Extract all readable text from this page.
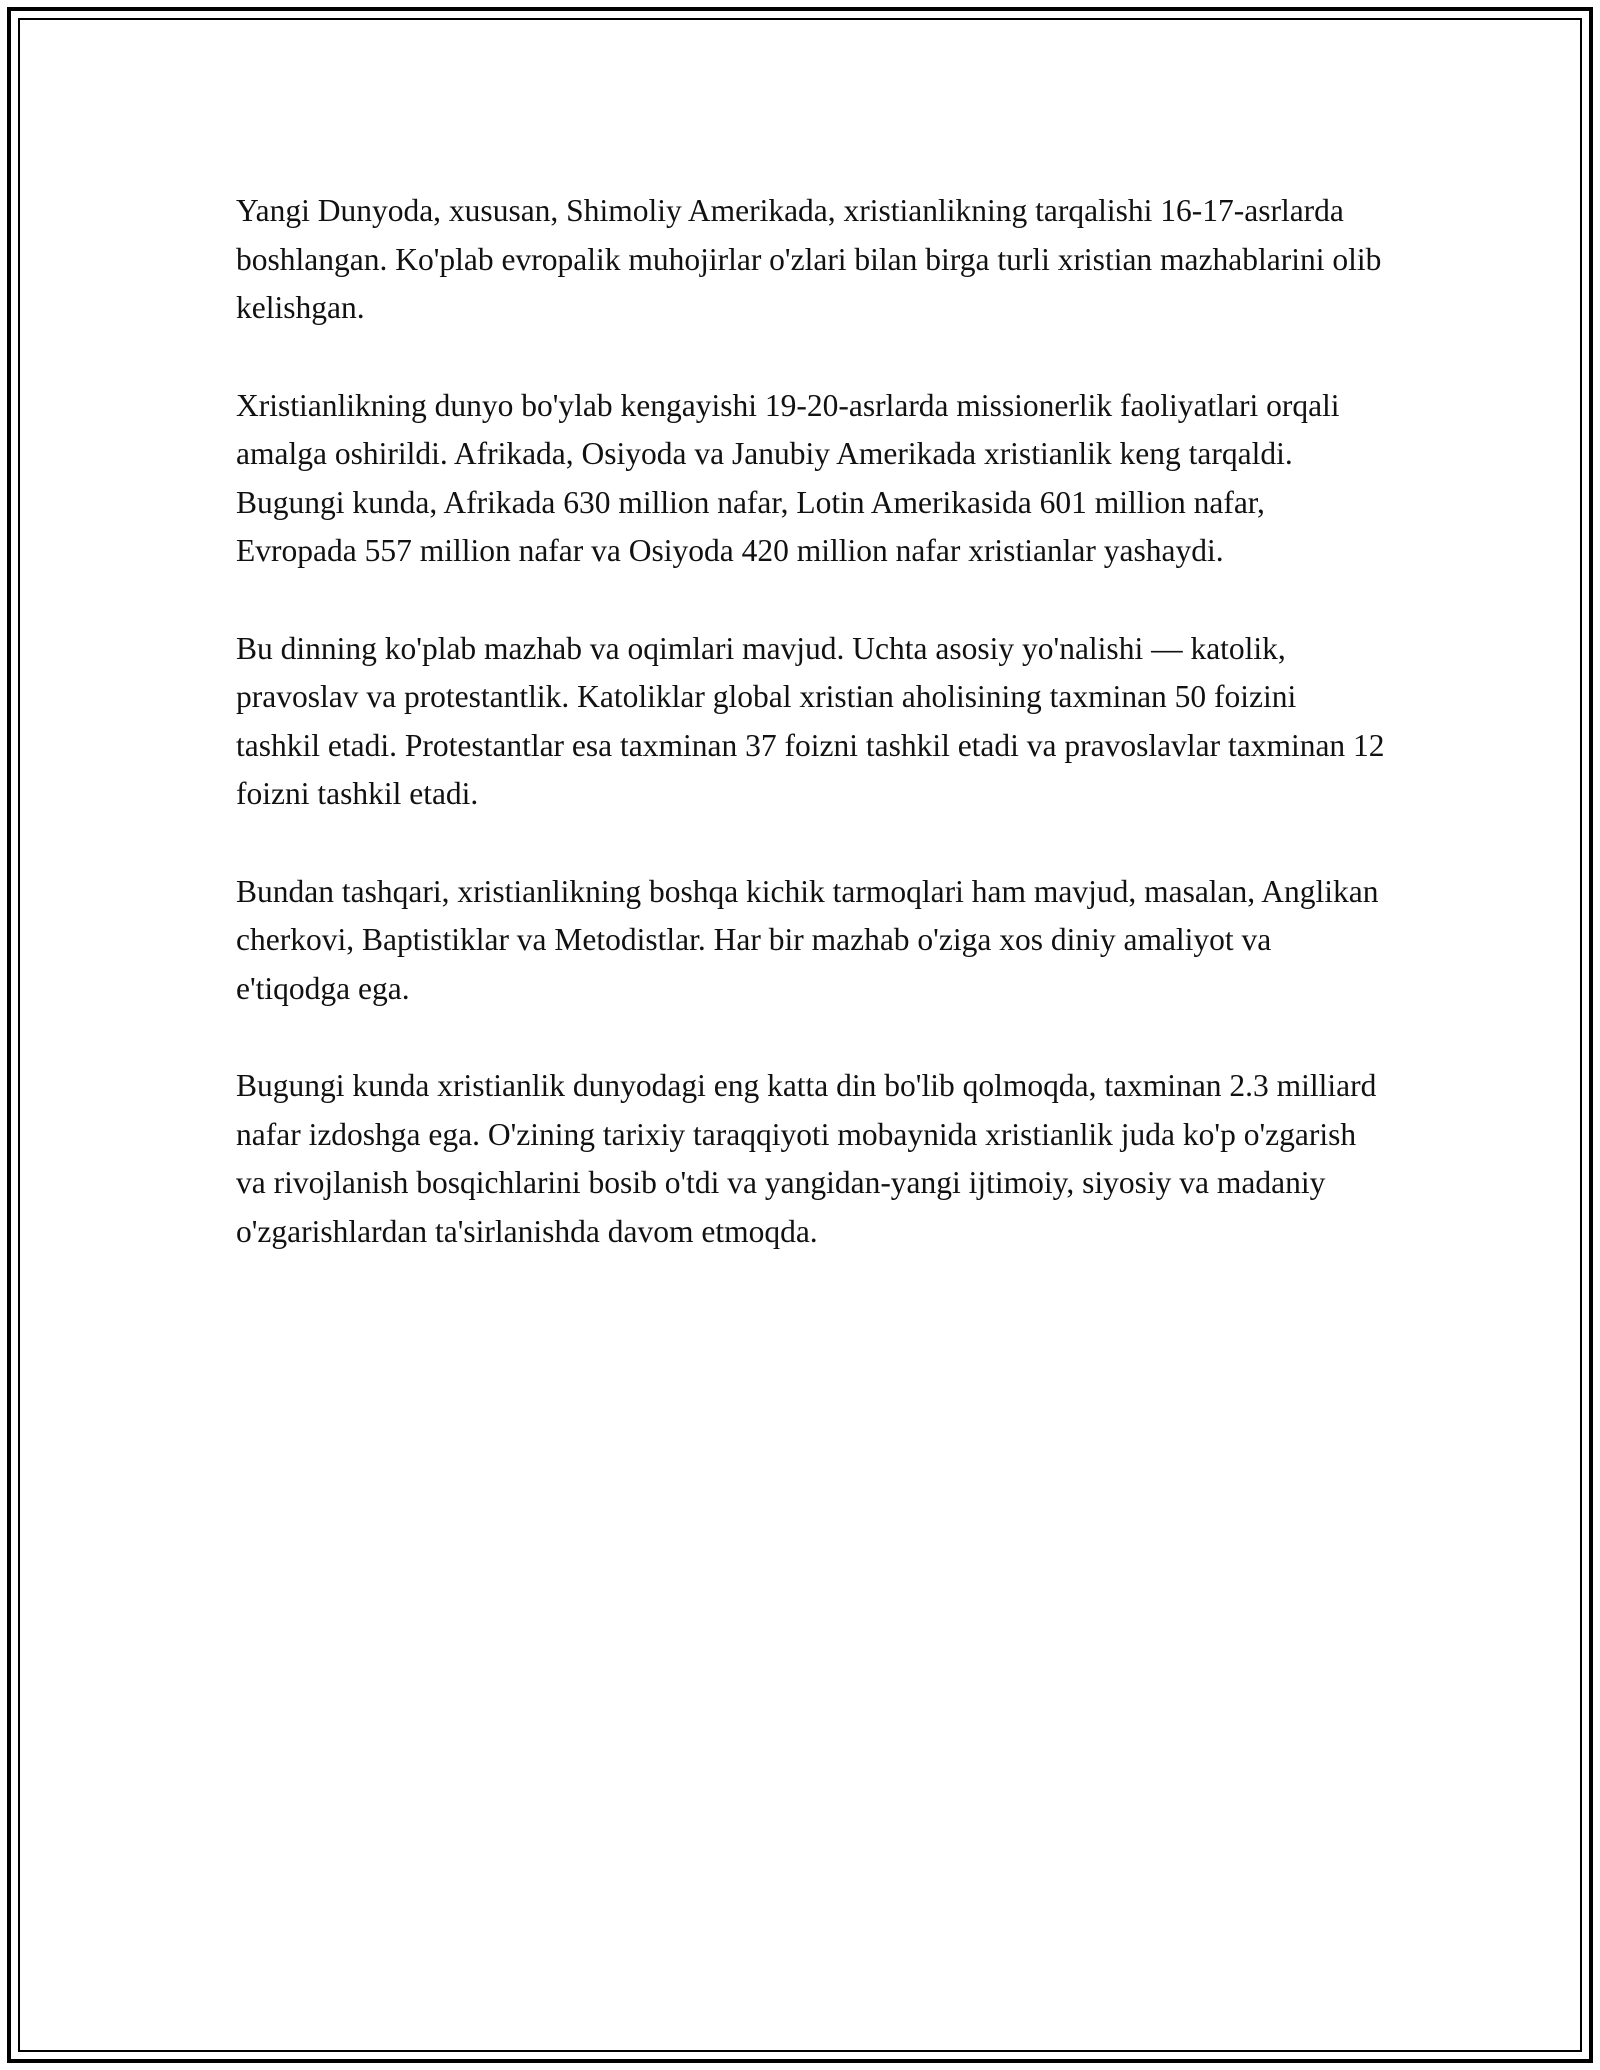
Yangi Dunyoda, xususan, Shimoliy Amerikada, xristianlikning tarqalishi 16-17-asrlarda boshlangan. Ko'plab evropalik muhojirlar o'zlari bilan birga turli xristian mazhablarini olib kelishgan.

Xristianlikning dunyo bo'ylab kengayishi 19-20-asrlarda missionerlik faoliyatlari orqali amalga oshirildi. Afrikada, Osiyoda va Janubiy Amerikada xristianlik keng tarqaldi. Bugungi kunda, Afrikada 630 million nafar, Lotin Amerikasida 601 million nafar, Evropada 557 million nafar va Osiyoda 420 million nafar xristianlar yashaydi.

Bu dinning ko'plab mazhab va oqimlari mavjud. Uchta asosiy yo'nalishi — katolik, pravoslav va protestantlik. Katoliklar global xristian aholisining taxminan 50 foizini tashkil etadi. Protestantlar esa taxminan 37 foizni tashkil etadi va pravoslavlar taxminan 12 foizni tashkil etadi.

Bundan tashqari, xristianlikning boshqa kichik tarmoqlari ham mavjud, masalan, Anglikan cherkovi, Baptistiklar va Metodistlar. Har bir mazhab o'ziga xos diniy amaliyot va e'tiqodga ega.

Bugungi kunda xristianlik dunyodagi eng katta din bo'lib qolmoqda, taxminan 2.3 milliard nafar izdoshga ega. O'zining tarixiy taraqqiyoti mobaynida xristianlik juda ko'p o'zgarish va rivojlanish bosqichlarini bosib o'tdi va yangidan-yangi ijtimoiy, siyosiy va madaniy o'zgarishlardan ta'sirlanishda davom etmoqda.
